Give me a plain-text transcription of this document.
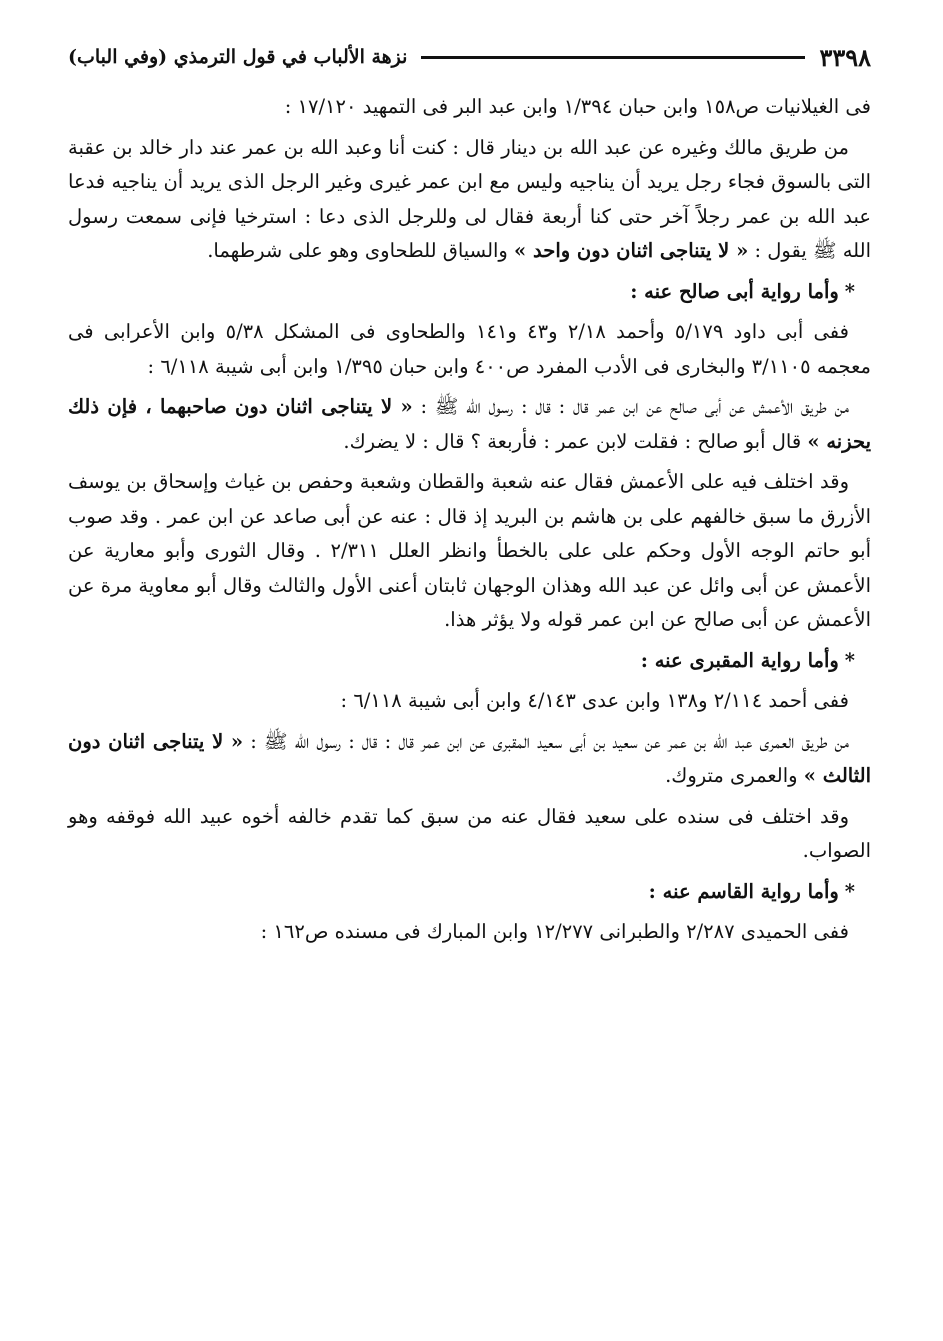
٣٣٩٨
نزهة الألباب في قول الترمذي (وفي الباب)

فى الغيلانيات ص١٥٨ وابن حبان ١/٣٩٤ وابن عبد البر فى التمهيد ١٧/١٢٠ :

من طريق مالك وغيره عن عبد الله بن دينار قال : كنت أنا وعبد الله بن عمر عند دار خالد بن عقبة التى بالسوق فجاء رجل يريد أن يناجيه وليس مع ابن عمر غيرى وغير الرجل الذى يريد أن يناجيه فدعا عبد الله بن عمر رجلاً آخر حتى كنا أربعة فقال لى وللرجل الذى دعا : استرخيا فإنى سمعت رسول الله ﷺ يقول : « لا يتناجى اثنان دون واحد » والسياق للطحاوى وهو على شرطهما.

*وأما رواية أبى صالح عنه :

ففى أبى داود ٥/١٧٩ وأحمد ٢/١٨ و٤٣ و١٤١ والطحاوى فى المشكل ٥/٣٨ وابن الأعرابى فى معجمه ٣/١١٠٥ والبخارى فى الأدب المفرد ص٤٠٠ وابن حبان ١/٣٩٥ وابن أبى شيبة ٦/١١٨ :

من طريق الأعمش عن أبى صالح عن ابن عمر قال : قال : رسول الله ﷺ : « لا يتناجى اثنان دون صاحبهما ، فإن ذلك يحزنه » قال أبو صالح : فقلت لابن عمر : فأربعة ؟ قال : لا يضرك.

وقد اختلف فيه على الأعمش فقال عنه شعبة والقطان وشعبة وحفص بن غياث وإسحاق بن يوسف الأزرق ما سبق خالفهم على بن هاشم بن البريد إذ قال : عنه عن أبى صاعد عن ابن عمر . وقد صوب أبو حاتم الوجه الأول وحكم على على بالخطأ وانظر العلل ٢/٣١١ . وقال الثورى وأبو معارية عن الأعمش عن أبى وائل عن عبد الله وهذان الوجهان ثابتان أعنى الأول والثالث وقال أبو معاوية مرة عن الأعمش عن أبى صالح عن ابن عمر قوله ولا يؤثر هذا.

*وأما رواية المقبرى عنه :

ففى أحمد ٢/١١٤ و١٣٨ وابن عدى ٤/١٤٣ وابن أبى شيبة ٦/١١٨ :

من طريق العمرى عبد الله بن عمر عن سعيد بن أبى سعيد المقبرى عن ابن عمر قال : قال : رسول الله ﷺ : « لا يتناجى اثنان دون الثالث » والعمرى متروك.

وقد اختلف فى سنده على سعيد فقال عنه من سبق كما تقدم خالفه أخوه عبيد الله فوقفه وهو الصواب.

*وأما رواية القاسم عنه :

ففى الحميدى ٢/٢٨٧ والطبرانى ١٢/٢٧٧ وابن المبارك فى مسنده ص١٦٢ :
